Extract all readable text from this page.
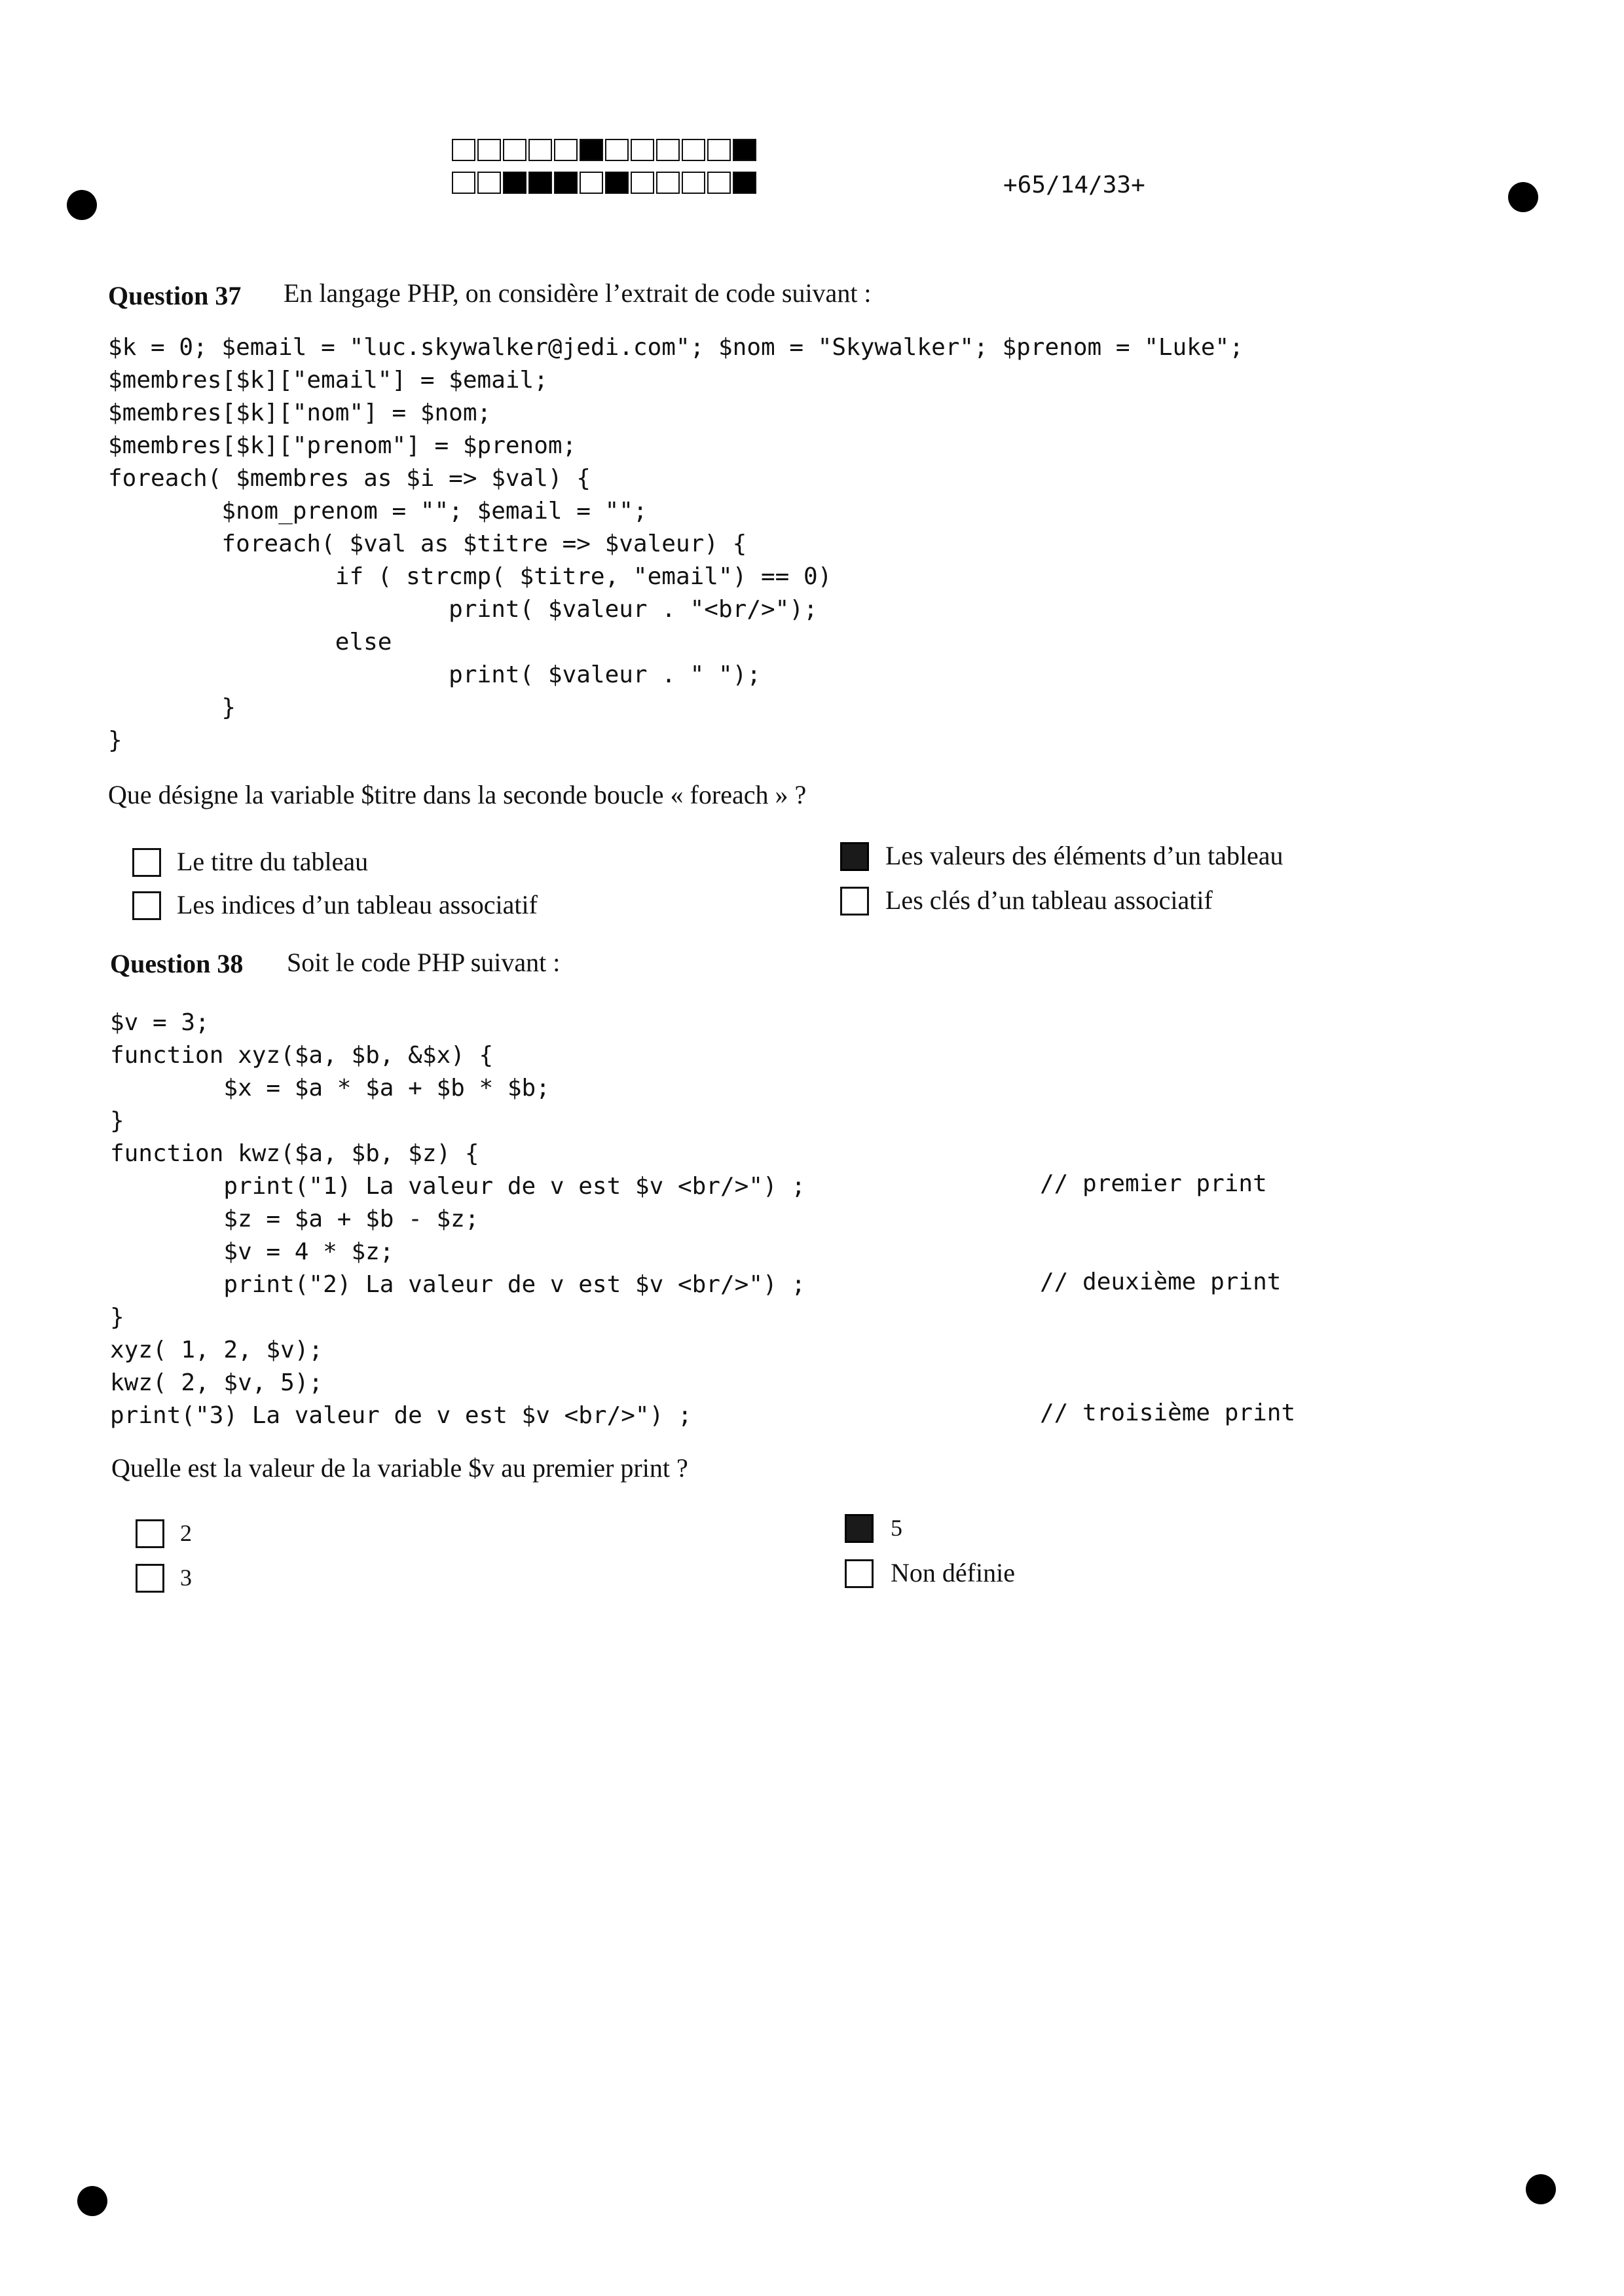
+65/14/33+
Question 37 En langage PHP, on considère l’extrait de code suivant :
$k = 0; $email = "luc.skywalker@jedi.com"; $nom = "Skywalker"; $prenom = "Luke";
$membres[$k]["email"] = $email;
$membres[$k]["nom"] = $nom;
$membres[$k]["prenom"] = $prenom;
foreach( $membres as $i => $val) {
$nom_prenom = ""; $email = "";
foreach( $val as $titre => $valeur) {
if ( strcmp( $titre, "email") == 0)
print( $valeur . "<br/>");
else
print( $valeur . " ");
}
}
Que désigne la variable $titre dans la seconde boucle « foreach » ?
Le titre du tableau
Les indices d’un tableau associatif
Les valeurs des éléments d’un tableau
Les clés d’un tableau associatif
Question 38 Soit le code PHP suivant :
$v = 3;
function xyz($a, $b, &$x) {
$x = $a * $a + $b * $b;
}
function kwz($a, $b, $z) {
print("1) La valeur de v est $v <br/>") ;
$z = $a + $b - $z;
$v = 4 * $z;
print("2) La valeur de v est $v <br/>") ;
}
xyz( 1, 2, $v);
kwz( 2, $v, 5);
print("3) La valeur de v est $v <br/>") ;
// premier print
// deuxième print
// troisième print
Quelle est la valeur de la variable $v au premier print ?
2
3
5
Non définie
